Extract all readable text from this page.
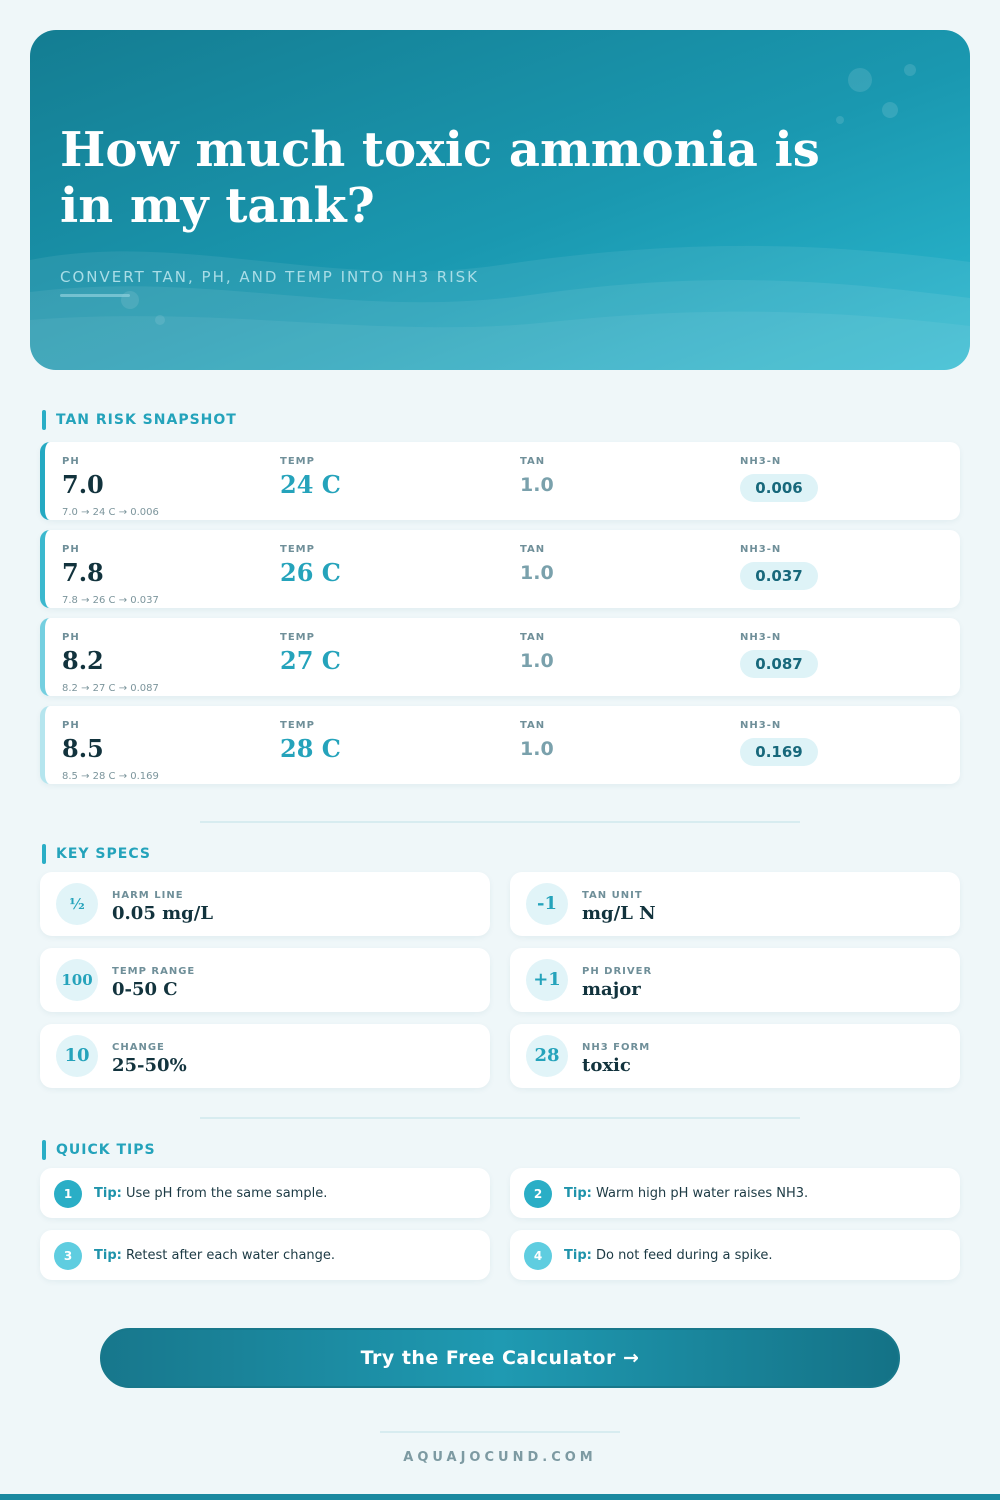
How much toxic ammonia is in my tank?
CONVERT TAN, PH, AND TEMP INTO NH3 RISK
TAN RISK SNAPSHOT
PH
7.0
TEMP
24 C
TAN
1.0
NH3-N
0.006
7.0 → 24 C → 0.006
PH
7.8
TEMP
26 C
TAN
1.0
NH3-N
0.037
7.8 → 26 C → 0.037
PH
8.2
TEMP
27 C
TAN
1.0
NH3-N
0.087
8.2 → 27 C → 0.087
PH
8.5
TEMP
28 C
TAN
1.0
NH3-N
0.169
8.5 → 28 C → 0.169
KEY SPECS
½	HARM LINE
0.05 mg/L	-1	TAN UNIT
mg/L N
100	TEMP RANGE
0-50 C	+1	PH DRIVER
major
10	CHANGE
25-50%	28	NH3 FORM
toxic
QUICK TIPS
1	Tip: Use pH from the same sample.	2	Tip: Warm high pH water raises NH3.
3	Tip: Retest after each water change.	4	Tip: Do not feed during a spike.
Try the Free Calculator →
AQUAJOCUND.COM
